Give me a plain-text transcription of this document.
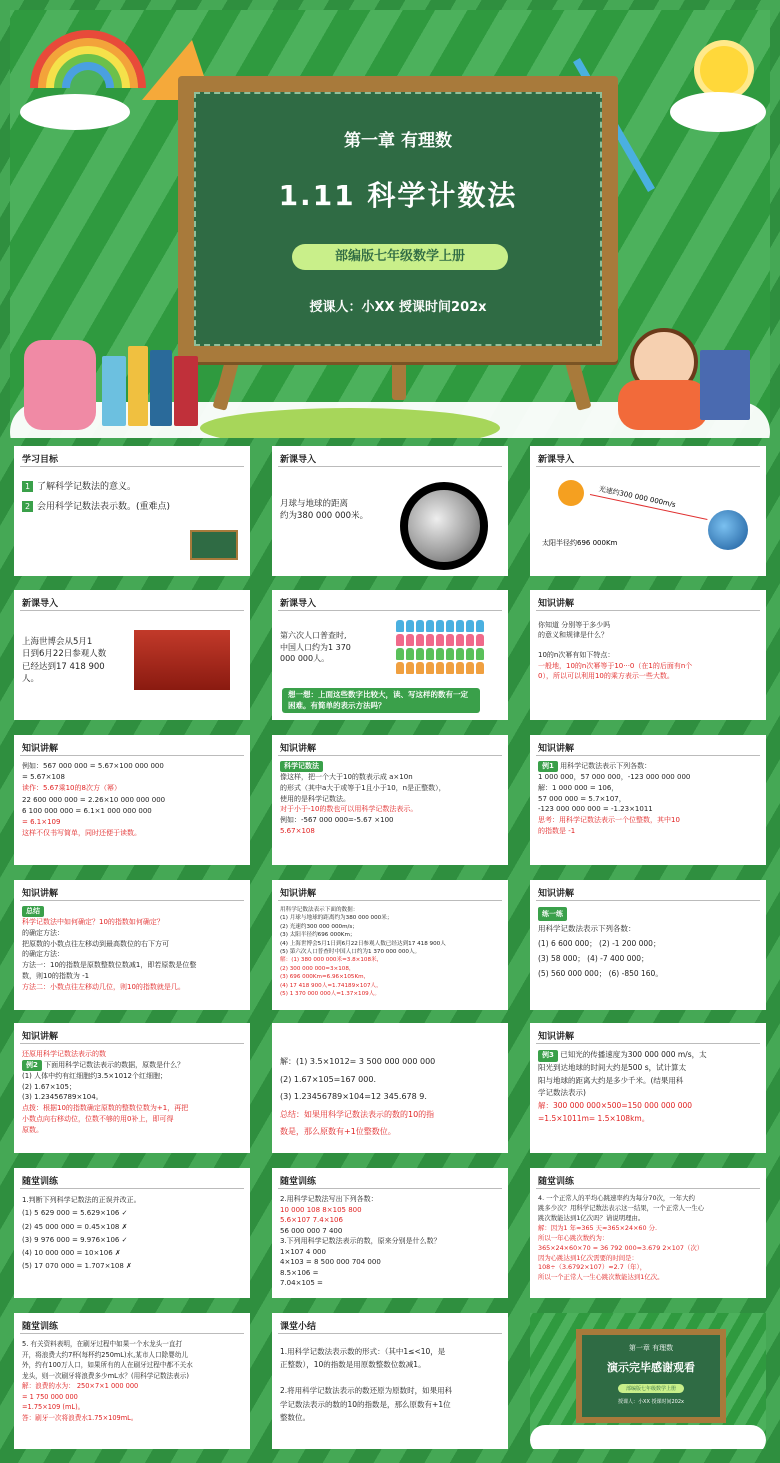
第一章 有理数
1.11 科学计数法
部编版七年级数学上册
授课人：小XX 授课时间202x
学习目标
1 了解科学记数法的意义。
2 会用科学记数法表示数。(重难点)
新课导入
月球与地球的距离
约为380 000 000米。
新课导入
光速约300 000 000m/s
太阳半径约696 000Km
新课导入
上海世博会从5月1
日到6月22日参观人数
已经达到17 418 900
人。
新课导入
第六次人口普查时,
中国人口约为1 370
000 000人。
想一想：上面这些数字比较大，读、写这样的数有一定困难。有简单的表示方法吗？
知识讲解
你知道 分别等于多少吗
的意义和规律是什么？

10的n次幂有如下特点：
一般地，10的n次幂等于10···0（在1的后面有n个
0），所以可以利用10的乘方表示一些大数。
知识讲解
例如：567 000 000 = 5.67×100 000 000
= 5.67×108
读作：5.67乘10的8次方（幂）
22 600 000 000 = 2.26×10 000 000 000
6 100 000 000 = 6.1×1 000 000 000
= 6.1×109
这样不仅书写简单，同时还便于读数。
知识讲解
科学记数法
像这样，把一个大于10的数表示成 a×10n
的形式（其中a大于或等于1且小于10，n是正整数），
使用的是科学记数法。
对于小于-10的数也可以用科学记数法表示。
例如：-567 000 000=-5.67 ×100
5.67×108
知识讲解
例1 用科学记数法表示下列各数：
1 000 000，57 000 000，-123 000 000 000
解：1 000 000 = 106，
57 000 000 = 5.7×107，
-123 000 000 000 = -1.23×1011
思考：用科学记数法表示一个位整数，其中10
的指数是 -1
知识讲解
总结
科学记数法中如何确定？10的指数如何确定？
的确定方法：
把原数的小数点往左移动到最高数位的右下方可
的确定方法：
方法一：10的指数是原数整数位数减1，即若原数是位整
数，则10的指数为 -1
方法二：小数点往左移动几位，则10的指数就是几。
知识讲解
用科学记数法表示下面的数据：
(1) 月球与地球的距离约为380 000 000米；
(2) 光速约300 000 000m/s；
(3) 太阳半径约696 000Km；
(4) 上海世博会5月1日到6月22日参观人数已经达到17 418 900人
(5) 第六次人口普查时中国人口约为1 370 000 000人。
解：(1) 380 000 000米=3.8×108米，
(2) 300 000 000=3×108，
(3) 696 000Km=6.96×105Km，
(4) 17 418 900人=1.74189×107人，
(5) 1 370 000 000人=1.37×109人。
知识讲解
练一练
用科学记数法表示下列各数：
(1) 6 600 000； (2) -1 200 000；
(3) 58 000； (4) -7 400 000；
(5) 560 000 000； (6) -850 160。
知识讲解
还原用科学记数法表示的数
例2 下面用科学记数法表示的数据，原数是什么？
(1) 人体中约有红细胞约3.5×1012个红细胞；
(2) 1.67×105；
(3) 1.23456789×104。
点拨：根据10的指数确定原数的整数位数为+1，再把
小数点向右移动位，位数不够的用0补上，即可得
原数。
解：(1) 3.5×1012= 3 500 000 000 000
(2) 1.67×105=167 000.
(3) 1.23456789×104=12 345.678 9.
总结：如果用科学记数法表示的数的10的指
数是，那么原数有+1位整数位。
知识讲解
例3 已知光的传播速度为300 000 000 m/s，太
阳光到达地球的时间大约是500 s，试计算太
阳与地球的距离大约是多少千米。(结果用科
学记数法表示)
解：300 000 000×500=150 000 000 000
=1.5×1011m= 1.5×108km。
随堂训练
1.判断下列科学记数法的正误并改正。
(1) 5 629 000 = 5.629×106 ✓
(2) 45 000 000 = 0.45×108 ✗
(3) 9 976 000 = 9.976×106 ✓
(4) 10 000 000 = 10×106 ✗
(5) 17 070 000 = 1.707×108 ✗
随堂训练
2.用科学记数法写出下列各数：
10 000 108 8×105 800
5.6×107 7.4×106
56 000 000 7 400
3.下列用科学记数法表示的数，原来分别是什么数？
1×107 4 000
4×103 = 8 500 000 704 000
8.5×106 =
7.04×105 =
随堂训练
4. 一个正常人的平均心跳速率约为每分70次，一年大约
跳多少次？用科学记数法表示这一结果，一个正常人一生心
跳次数能达到1亿次吗？请说明理由。
解：因为1 年≈365 天≈365×24×60 分.
所以一年心跳次数约为：
365×24×60×70 = 36 792 000≈3.679 2×107（次）
因为心跳达到1亿次需要的时间是：
108÷（3.6792×107）≈2.7（年），
所以一个正常人一生心跳次数能达到1亿次。
随堂训练
5. 有关资料表明，在刷牙过程中如果一个水龙头一直打
开，将浪费大约7杯(每杯约250mL)水,某市人口除婴幼儿
外，约有100万人口，如果所有的人在刷牙过程中都不关水
龙头，则一次刷牙将浪费多少mL水？(用科学记数法表示)
解：浪费的水为： 250×7×1 000 000
= 1 750 000 000
=1.75×109 (mL)。
答：刷牙一次将浪费水1.75×109mL。
课堂小结
1.用科学记数法表示数的形式：（其中1≤<10，是
正整数），10的指数是用原数整数位数减1。

2.将用科学记数法表示的数还原为原数时，如果用科
学记数法表示的数的10的指数是，那么原数有+1位
整数位。
第一章 有理数
演示完毕感谢观看
部编版七年级数学上册
授课人：小XX 授课时间202x
